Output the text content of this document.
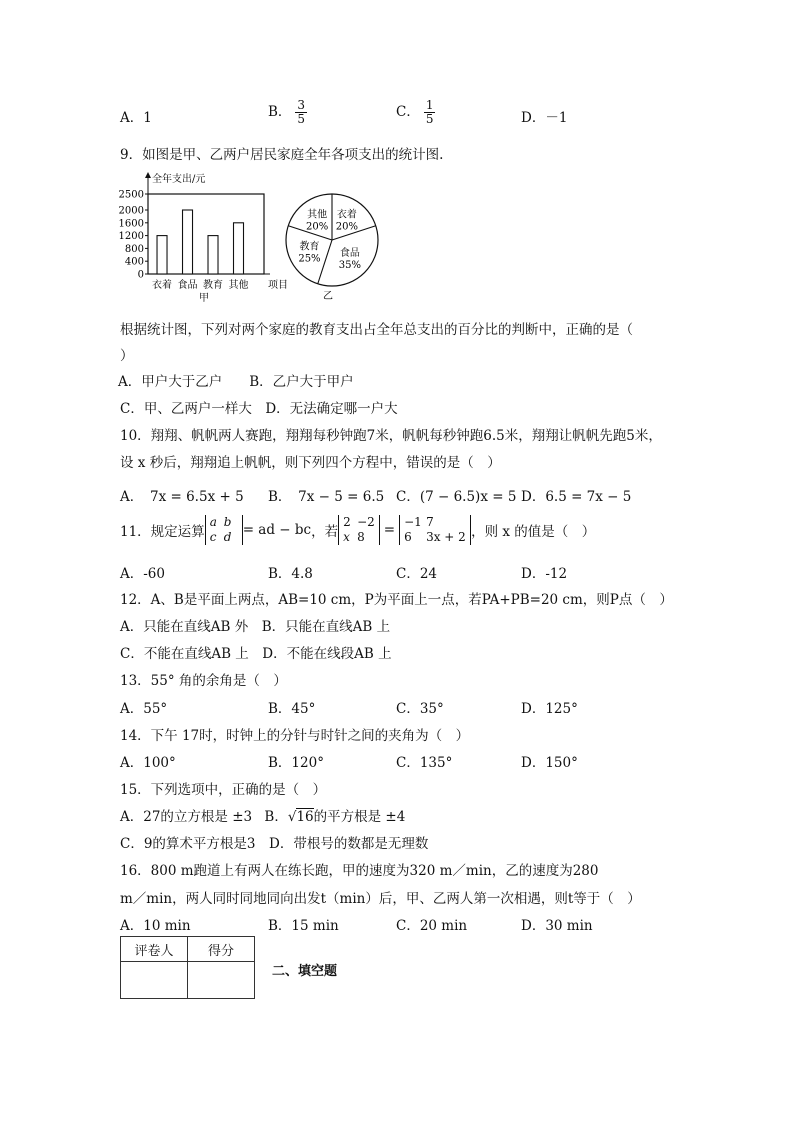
A．1	B． $\frac{3}{5}$	C． $\frac{1}{5}$	D．－1
9．如图是甲、乙两户居民家庭全年各项支出的统计图.
全年支出/元
0
400
800
1200
1600
2000
2500
衣着 食品 教育 其他 项目
甲
衣着
20%
食品
35%
教育
25%
其他
20%
乙
根据统计图，下列对两个家庭的教育支出占全年总支出的百分比的判断中，正确的是（
）
A．甲户大于乙户　　B．乙户大于甲户
C．甲、乙两户一样大　D．无法确定哪一户大
10．翔翔、帆帆两人赛跑，翔翔每秒钟跑7米，帆帆每秒钟跑6.5米，翔翔让帆帆先跑5米，
设 x 秒后，翔翔追上帆帆，则下列四个方程中，错误的是（　）
A．　7x = 6.5x + 5 B．　7x − 5 = 6.5 C．(7 − 6.5)x = 5 D．6.5 = 7x − 5
11．规定运算
a b
c d = ad − bc ，若
2 −2
x 8	= −1 7
6 3x + 2 ，则 x 的值是（　）
A．-60	B．4.8	C．24	D．-12
12．A、B是平面上两点，AB=10 cm，P为平面上一点，若PA+PB=20 cm，则P点（　）
A．只能在直线AB 外　B．只能在直线AB 上
C．不能在直线AB 上　D．不能在线段AB 上
13．55° 角的余角是（　）
A．55°	B．45°	C．35°	D．125°
14．下午 17时，时钟上的分针与时针之间的夹角为（　）
A．100°	B．120°	C．135°	D．150°
15．下列选项中，正确的是（　）
A．27的立方根是 ±3 B．√16的平方根是 ±4
C．9的算术平方根是3　D．带根号的数都是无理数
16．800 m跑道上有两人在练长跑，甲的速度为320 m／min，乙的速度为280
m／min，两人同时同地同向出发t（min）后，甲、乙两人第一次相遇，则t等于（　）
A．10 min	B．15 min	C．20 min	D．30 min
评卷人	得分

二、填空题
